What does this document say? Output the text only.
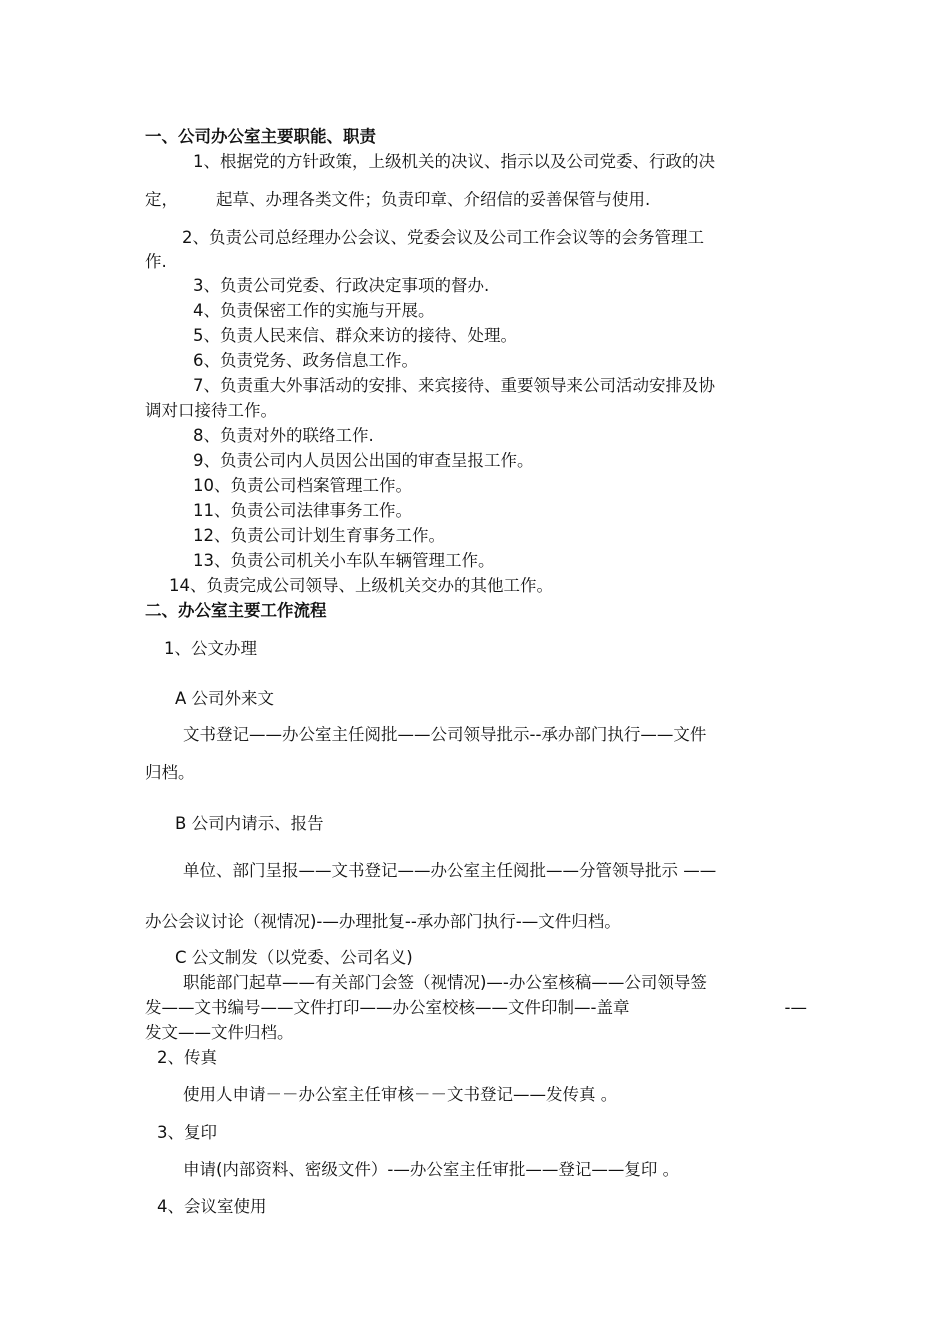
一、公司办公室主要职能、职责
1、根据党的方针政策，上级机关的决议、指示以及公司党委、行政的决
定， 起草、办理各类文件；负责印章、介绍信的妥善保管与使用.
2、负责公司总经理办公会议、党委会议及公司工作会议等的会务管理工
作.
3、负责公司党委、行政决定事项的督办.
4、负责保密工作的实施与开展。
5、负责人民来信、群众来访的接待、处理。
6、负责党务、政务信息工作。
7、负责重大外事活动的安排、来宾接待、重要领导来公司活动安排及协
调对口接待工作。
8、负责对外的联络工作.
9、负责公司内人员因公出国的审查呈报工作。
10、负责公司档案管理工作。
11、负责公司法律事务工作。
12、负责公司计划生育事务工作。
13、负责公司机关小车队车辆管理工作。
14、负责完成公司领导、上级机关交办的其他工作。
二、办公室主要工作流程
1、公文办理
A 公司外来文
文书登记——办公室主任阅批——公司领导批示--承办部门执行——文件
归档。
B 公司内请示、报告
单位、部门呈报——文书登记——办公室主任阅批——分管领导批示 ——
办公会议讨论（视情况)-—办理批复--承办部门执行-—文件归档。
C 公文制发（以党委、公司名义)
职能部门起草——有关部门会签（视情况)—-办公室核稿——公司领导签
发——文书编号——文件打印——办公室校核——文件印制—-盖章	-—
发文——文件归档。
2、传真
使用人申请－－办公室主任审核－－文书登记——发传真 。
3、复印
申请(内部资料、密级文件）-—办公室主任审批——登记——复印 。
4、会议室使用
